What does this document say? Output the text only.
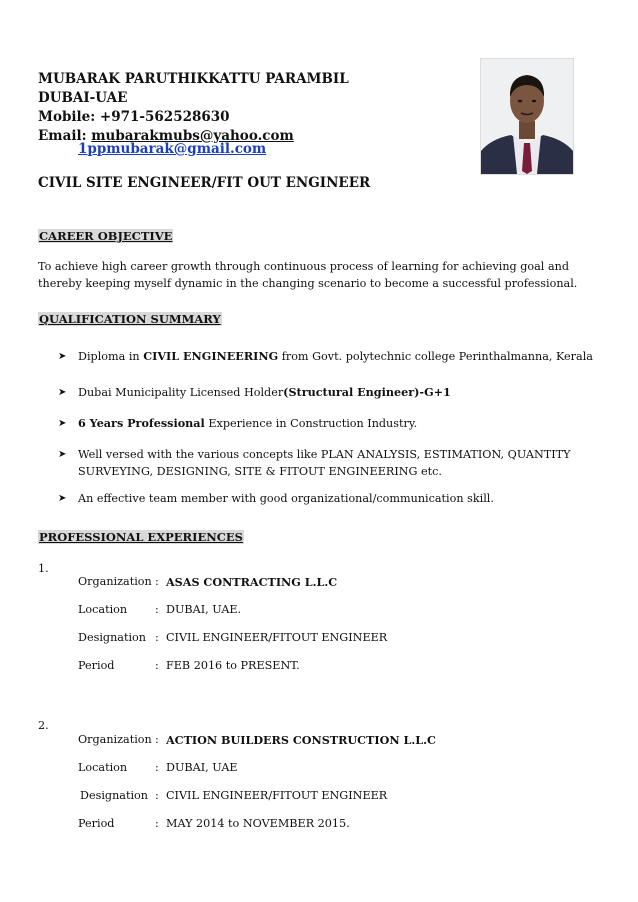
MUBARAK PARUTHIKKATTU PARAMBIL
DUBAI-UAE
Mobile: +971-562528630
Email: mubarakmubs@yahoo.com
1ppmubarak@gmail.com
CIVIL SITE ENGINEER/FIT OUT ENGINEER
CAREER OBJECTIVE
To achieve high career growth through continuous process of learning for achieving goal and thereby keeping myself dynamic in the changing scenario to become a successful professional.
QUALIFICATION SUMMARY
➤ Diploma in CIVIL ENGINEERING from Govt. polytechnic college Perinthalmanna, Kerala
➤ Dubai Municipality Licensed Holder(Structural Engineer)-G+1
➤ 6 Years Professional Experience in Construction Industry.
➤ Well versed with the various concepts like PLAN ANALYSIS, ESTIMATION, QUANTITY SURVEYING, DESIGNING, SITE & FITOUT ENGINEERING etc.
➤ An effective team member with good organizational/communication skill.
PROFESSIONAL EXPERIENCES
1.
Organization : ASAS CONTRACTING L.L.C
Location : DUBAI, UAE.
Designation : CIVIL ENGINEER/FITOUT ENGINEER
Period	: FEB 2016 to PRESENT.
2.
Organization : ACTION BUILDERS CONSTRUCTION L.L.C
Location : DUBAI, UAE
Designation : CIVIL ENGINEER/FITOUT ENGINEER
Period	: MAY 2014 to NOVEMBER 2015.
